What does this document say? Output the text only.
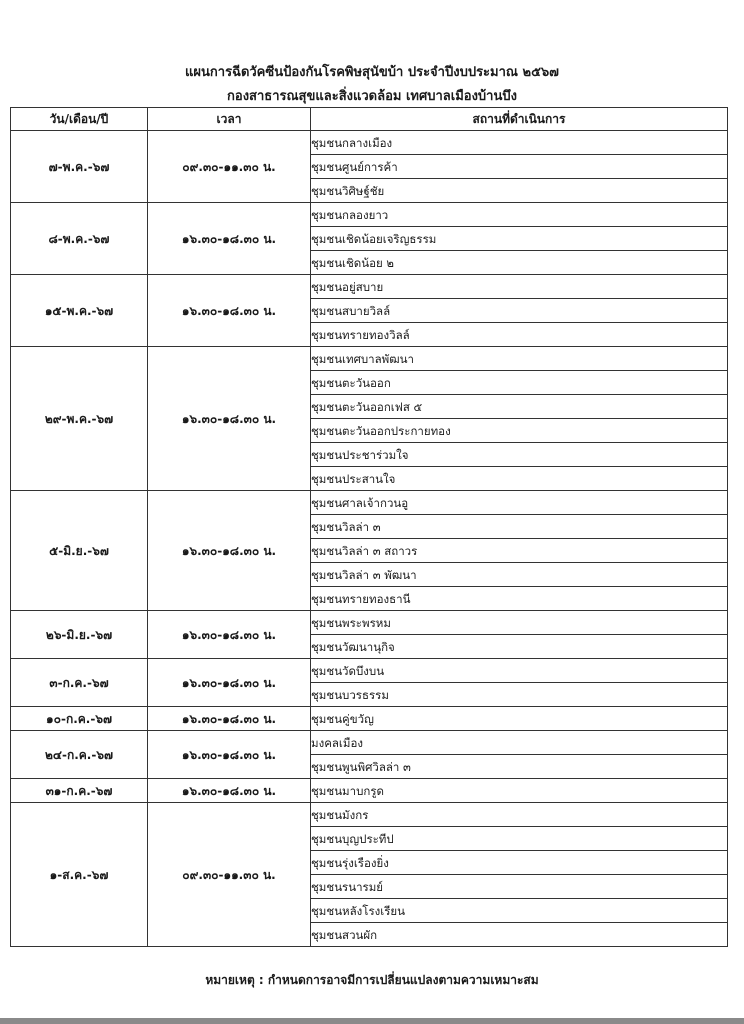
แผนการฉีดวัคซีนป้องกันโรคพิษสุนัขบ้า ประจำปีงบประมาณ ๒๕๖๗
กองสาธารณสุขและสิ่งแวดล้อม เทศบาลเมืองบ้านบึง
วัน/เดือน/ปี	เวลา	สถานที่ดำเนินการ
๗-พ.ค.-๖๗	๐๙.๓๐-๑๑.๓๐ น.	ชุมชนกลางเมือง
		ชุมชนศูนย์การค้า
		ชุมชนวิศิษฐ์ชัย
๘-พ.ค.-๖๗	๑๖.๓๐-๑๘.๓๐ น.	ชุมชนกลองยาว
		ชุมชนเชิดน้อยเจริญธรรม
		ชุมชนเชิดน้อย ๒
๑๕-พ.ค.-๖๗	๑๖.๓๐-๑๘.๓๐ น.	ชุมชนอยู่สบาย
		ชุมชนสบายวิลล์
		ชุมชนทรายทองวิลล์
๒๙-พ.ค.-๖๗	๑๖.๓๐-๑๘.๓๐ น.	ชุมชนเทศบาลพัฒนา
		ชุมชนตะวันออก
		ชุมชนตะวันออกเฟส ๕
		ชุมชนตะวันออกประกายทอง
		ชุมชนประชาร่วมใจ
		ชุมชนประสานใจ
๕-มิ.ย.-๖๗	๑๖.๓๐-๑๘.๓๐ น.	ชุมชนศาลเจ้ากวนอู
		ชุมชนวิลล่า ๓
		ชุมชนวิลล่า ๓ สถาวร
		ชุมชนวิลล่า ๓ พัฒนา
		ชุมชนทรายทองธานี
๒๖-มิ.ย.-๖๗	๑๖.๓๐-๑๘.๓๐ น.	ชุมชนพระพรหม
		ชุมชนวัฒนานุกิจ
๓-ก.ค.-๖๗	๑๖.๓๐-๑๘.๓๐ น.	ชุมชนวัดบึงบน
		ชุมชนบวรธรรม
๑๐-ก.ค.-๖๗	๑๖.๓๐-๑๘.๓๐ น.	ชุมชนคู่ขวัญ
๒๔-ก.ค.-๖๗	๑๖.๓๐-๑๘.๓๐ น.	มงคลเมือง
		ชุมชนพูนพิศวิลล่า ๓
๓๑-ก.ค.-๖๗	๑๖.๓๐-๑๘.๓๐ น.	ชุมชนมาบกรูด
๑-ส.ค.-๖๗	๐๙.๓๐-๑๑.๓๐ น.	ชุมชนมังกร
		ชุมชนบุญประทีป
		ชุมชนรุ่งเรืองยิ่ง
		ชุมชนรนารมย์
		ชุมชนหลังโรงเรียน
		ชุมชนสวนผัก
หมายเหตุ : กำหนดการอาจมีการเปลี่ยนแปลงตามความเหมาะสม
